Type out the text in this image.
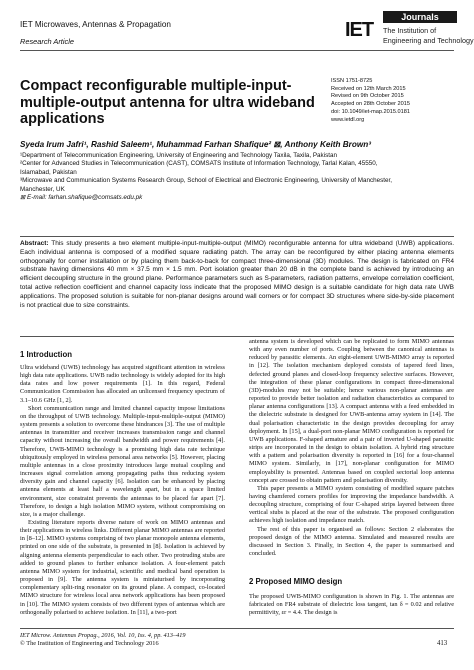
IET Microwaves, Antennas & Propagation
Research Article
IET
Journals
The Institution of
Engineering and Technology
Compact reconfigurable multiple-input-multiple-output antenna for ultra wideband applications
ISSN 1751-8725
Received on 12th March 2015
Revised on 9th October 2015
Accepted on 28th October 2015
doi: 10.1049/iet-map.2015.0181
www.ietdl.org
Syeda Irum Jafri¹, Rashid Saleem¹, Muhammad Farhan Shafique² ⊠, Anthony Keith Brown³
¹Department of Telecommunication Engineering, University of Engineering and Technology Taxila, Taxila, Pakistan
²Center for Advanced Studies in Telecommunication (CAST), COMSATS Institute of Information Technology, Tarlal Kalan, 45550,
Islamabad, Pakistan
³Microwave and Communication Systems Research Group, School of Electrical and Electronic Engineering, University of Manchester,
Manchester, UK
⊠ E-mail: farhan.shafique@comsats.edu.pk

Abstract: This study presents a two element multiple-input-multiple-output (MIMO) reconfigurable antenna for ultra wideband (UWB) applications. Each individual antenna is composed of a modified square radiating patch. The array can be reconfigured by either placing antenna elements orthogonally for corner installation or by placing them back-to-back for compact three-dimensional (3D) modules. The design is fabricated on FR4 substrate having dimensions 40 mm × 37.5 mm × 1.5 mm. Port isolation greater than 20 dB in the complete band is achieved by introducing an efficient decoupling structure in the ground plane. Performance parameters such as S-parameters, radiation patterns, envelope correlation coefficient, total active reflection coefficient and channel capacity loss indicate that the proposed MIMO design is a suitable candidate for high data rate UWB applications. The proposed solution is suitable for non-planar designs around wall corners or for compact 3D structures where side-by-side placement is not practical due to size constraints.

1 Introduction

Ultra wideband (UWB) technology has acquired significant attention in wireless high data rate applications. UWB radio technology is widely adopted for its high data rates and low power requirements [1]. In this regard, Federal Communication Commission has allocated an unlicensed frequency spectrum of 3.1–10.6 GHz [1, 2].

Short communication range and limited channel capacity impose limitations on the throughput of UWB technology. Multiple-input-multiple-output (MIMO) system presents a solution to overcome these hindrances [3]. The use of multiple antennas in transmitter and receiver increases transmission range and channel capacity without increasing the overall bandwidth and power requirements [4]. Therefore, UWB-MIMO technology is a promising high data rate technique ubiquitously employed in wireless personal area networks [5]. However, placing multiple antennas in a close proximity introduces large mutual coupling and increases signal correlation among propagating paths thus reducing system diversity gain and channel capacity [6]. Isolation can be enhanced by placing antenna elements at least half a wavelength apart, but in a space limited environment, size constraint prevents the antennas to be placed far apart [7]. Therefore, to design a high isolation MIMO system, without compromising on size, is a major challenge.

Existing literature reports diverse nature of work on MIMO antennas and their applications in wireless links. Different planar MIMO antennas are reported in [8–12]. MIMO systems comprising of two planar monopole antenna elements, printed on one side of the substrate, is presented in [8]. Isolation is achieved by aligning antenna elements perpendicular to each other. Two protruding stubs are added to ground planes to further enhance isolation. A four-element patch antenna MIMO system for industrial, scientific and medical band operation is proposed in [9]. The antenna system is miniaturised by incorporating complementary split-ring resonator on its ground plane. A compact, co-located MIMO structure for wireless local area network applications has been proposed in [10]. The MIMO system consists of two different types of antennas which are orthogonally polarised to achieve isolation. In [11], a two-port

antenna system is developed which can be replicated to form MIMO antennas with any even number of ports. Coupling between the canonical antennas is reduced by parasitic elements. An eight-element UWB-MIMO array is reported in [12]. The isolation mechanism deployed consists of tapered feed lines, defected ground planes and closed-loop frequency selective surfaces. However, the integration of these planar configurations in compact three-dimensional (3D)-modules may not be suitable; hence various non-planar antennas are reported to provide better isolation and radiation characteristics as compared to planar antenna configurations [13]. A compact antenna with a feed embedded in the dielectric substrate is designed for UWB-antenna array system in [14]. The dual polarisation characteristic in the design provides decoupling for array deployment. In [15], a dual-port non-planar MIMO configuration is reported for UWB applications. F-shaped armature and a pair of inverted U-shaped parasitic strips are incorporated in the design to obtain isolation. A hybrid ring structure with a pattern and polarisation diversity is reported in [16] for a four-channel MIMO system. Similarly, in [17], non-planar configuration for MIMO employability is presented. Antennas based on coupled sectorial loop antenna concept are crossed to obtain pattern and polarisation diversity.

This paper presents a MIMO system consisting of modified square patches having chamfered corners profiles for improving the impedance bandwidth. A decoupling structure, comprising of four C-shaped strips layered between three vertical stubs is placed at the rear of the substrate. The proposed configuration achieves high isolation and impedance match.

The rest of this paper is organised as follows: Section 2 elaborates the proposed design of the MIMO antenna. Simulated and measured results are discussed in Section 3. Finally, in Section 4, the paper is summarised and concluded.

2 Proposed MIMO design

The proposed UWB-MIMO configuration is shown in Fig. 1. The antennas are fabricated on FR4 substrate of dielectric loss tangent, tan δ = 0.02 and relative permittivity, εr = 4.4. The design is

IET Microw. Antennas Propag., 2016, Vol. 10, Iss. 4, pp. 413–419
© The Institution of Engineering and Technology 2016	413
